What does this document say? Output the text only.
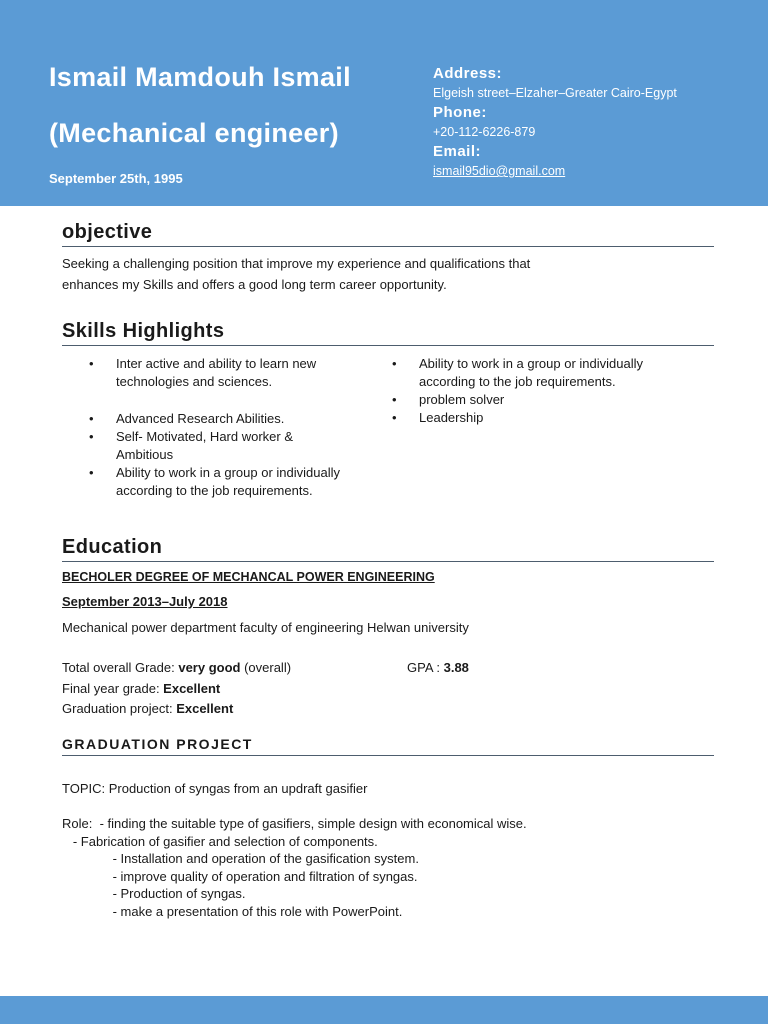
Ismail Mamdouh Ismail
(Mechanical engineer)
September 25th, 1995
Address:
Elgeish street–Elzaher–Greater Cairo-Egypt
Phone:
+20-112-6226-879
Email:
ismail95dio@gmail.com
objective
Seeking a challenging position that improve my experience and qualifications that
enhances my Skills and offers a good long term career opportunity.
Skills Highlights
• Inter active and ability to learn new technologies and sciences.
• Advanced Research Abilities.
• Self- Motivated, Hard worker & Ambitious
• Ability to work in a group or individually according to the job requirements.
• Ability to work in a group or individually according to the job requirements.
• problem solver
• Leadership
Education
BECHOLER DEGREE OF MECHANCAL POWER ENGINEERING
September 2013–July 2018
Mechanical power department faculty of engineering Helwan university
Total overall Grade: very good (overall)	GPA : 3.88
Final year grade: Excellent
Graduation project: Excellent
GRADUATION PROJECT
TOPIC: Production of syngas from an updraft gasifier
Role:  - finding the suitable type of gasifiers, simple design with economical wise.
- Fabrication of gasifier and selection of components.
- Installation and operation of the gasification system.
- improve quality of operation and filtration of syngas.
- Production of syngas.
- make a presentation of this role with PowerPoint.
